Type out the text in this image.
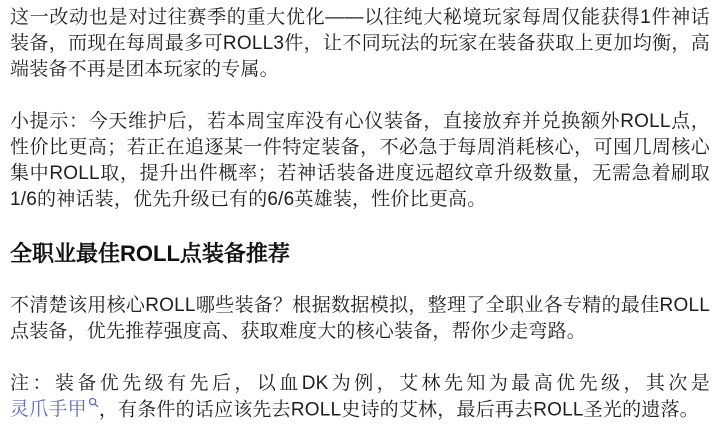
这一改动也是对过往赛季的重大优化——以往纯大秘境玩家每周仅能获得1件神话装备，而现在每周最多可ROLL3件，让不同玩法的玩家在装备获取上更加均衡，高端装备不再是团本玩家的专属。

小提示：今天维护后，若本周宝库没有心仪装备，直接放弃并兑换额外ROLL点，性价比更高；若正在追逐某一件特定装备，不必急于每周消耗核心，可囤几周核心集中ROLL取，提升出件概率；若神话装备进度远超纹章升级数量，无需急着刷取1/6的神话装，优先升级已有的6/6英雄装，性价比更高。

全职业最佳ROLL点装备推荐

不清楚该用核心ROLL哪些装备？根据数据模拟，整理了全职业各专精的最佳ROLL点装备，优先推荐强度高、获取难度大的核心装备，帮你少走弯路。

注：装备优先级有先后，以血DK为例，艾林先知为最高优先级，其次是灵爪手甲 ，有条件的话应该先去ROLL史诗的艾林，最后再去ROLL圣光的遗落。
